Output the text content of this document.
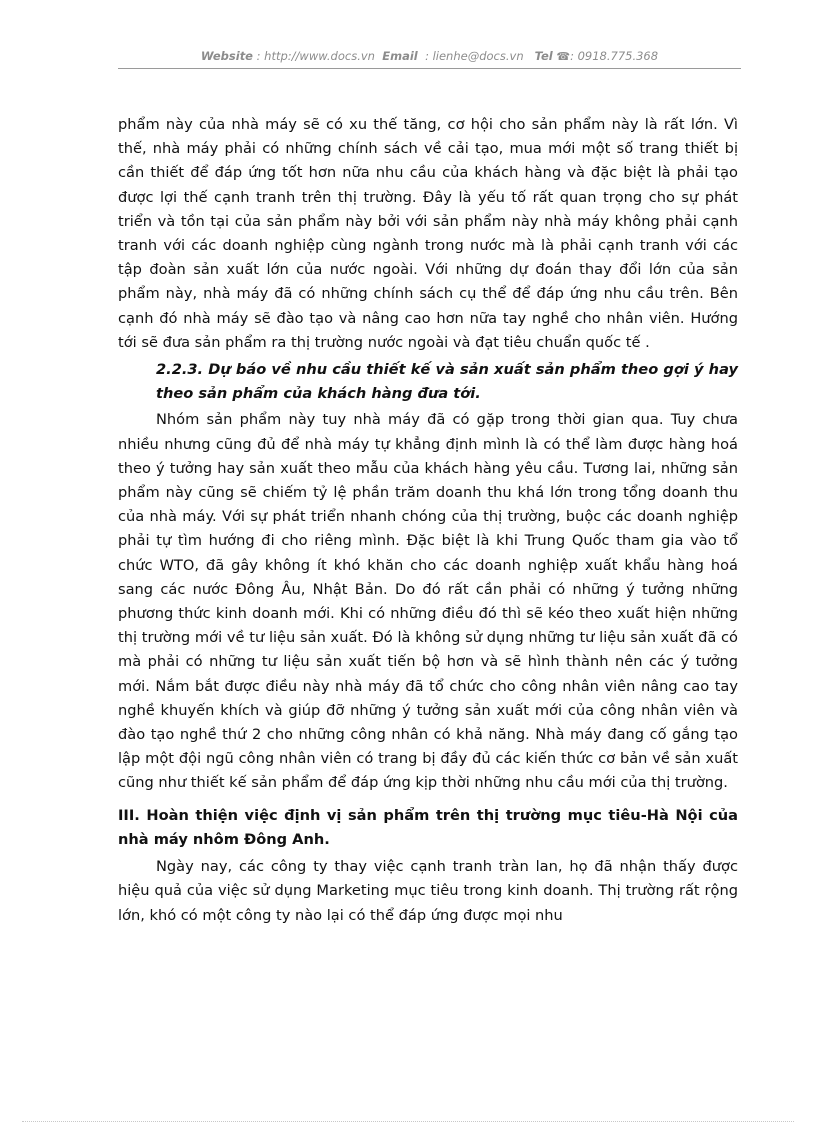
Website : http://www.docs.vn Email : lienhe@docs.vn Tel ☎: 0918.775.368

phẩm này của nhà máy sẽ có xu thế tăng, cơ hội cho sản phẩm này là rất lớn. Vì thế, nhà máy phải có những chính sách về cải tạo, mua mới một số trang thiết bị cần thiết để đáp ứng tốt hơn nữa nhu cầu của khách hàng và đặc biệt là phải tạo được lợi thế cạnh tranh trên thị trường. Đây là yếu tố rất quan trọng cho sự phát triển và tồn tại của sản phẩm này bởi với sản phẩm này nhà máy không phải cạnh tranh với các doanh nghiệp cùng ngành trong nước mà là phải cạnh tranh với các tập đoàn sản xuất lớn của nước ngoài. Với những dự đoán thay đổi lớn của sản phẩm này, nhà máy đã có những chính sách cụ thể để đáp ứng nhu cầu trên. Bên cạnh đó nhà máy sẽ đào tạo và nâng cao hơn nữa tay nghề cho nhân viên. Hướng tới sẽ đưa sản phẩm ra thị trường nước ngoài và đạt tiêu chuẩn quốc tế .

2.2.3. Dự báo về nhu cầu thiết kế và sản xuất sản phẩm theo gợi ý hay theo sản phẩm của khách hàng đưa tới.

Nhóm sản phẩm này tuy nhà máy đã có gặp trong thời gian qua. Tuy chưa nhiều nhưng cũng đủ để nhà máy tự khẳng định mình là có thể làm được hàng hoá theo ý tưởng hay sản xuất theo mẫu của khách hàng yêu cầu. Tương lai, những sản phẩm này cũng sẽ chiếm tỷ lệ phần trăm doanh thu khá lớn trong tổng doanh thu của nhà máy. Với sự phát triển nhanh chóng của thị trường, buộc các doanh nghiệp phải tự tìm hướng đi cho riêng mình. Đặc biệt là khi Trung Quốc tham gia vào tổ chức WTO, đã gây không ít khó khăn cho các doanh nghiệp xuất khẩu hàng hoá sang các nước Đông Âu, Nhật Bản. Do đó rất cần phải có những ý tưởng những phương thức kinh doanh mới. Khi có những điều đó thì sẽ kéo theo xuất hiện những thị trường mới về tư liệu sản xuất. Đó là không sử dụng những tư liệu sản xuất đã có mà phải có những tư liệu sản xuất tiến bộ hơn và sẽ hình thành nên các ý tưởng mới. Nắm bắt được điều này nhà máy đã tổ chức cho công nhân viên nâng cao tay nghề khuyến khích và giúp đỡ những ý tưởng sản xuất mới của công nhân viên và đào tạo nghề thứ 2 cho những công nhân có khả năng. Nhà máy đang cố gắng tạo lập một đội ngũ công nhân viên có trang bị đầy đủ các kiến thức cơ bản về sản xuất cũng như thiết kế sản phẩm để đáp ứng kịp thời những nhu cầu mới của thị trường.

III. Hoàn thiện việc định vị sản phẩm trên thị trường mục tiêu-Hà Nội của nhà máy nhôm Đông Anh.

Ngày nay, các công ty thay việc cạnh tranh tràn lan, họ đã nhận thấy được hiệu quả của việc sử dụng Marketing mục tiêu trong kinh doanh. Thị trường rất rộng lớn, khó có một công ty nào lại có thể đáp ứng được mọi nhu
